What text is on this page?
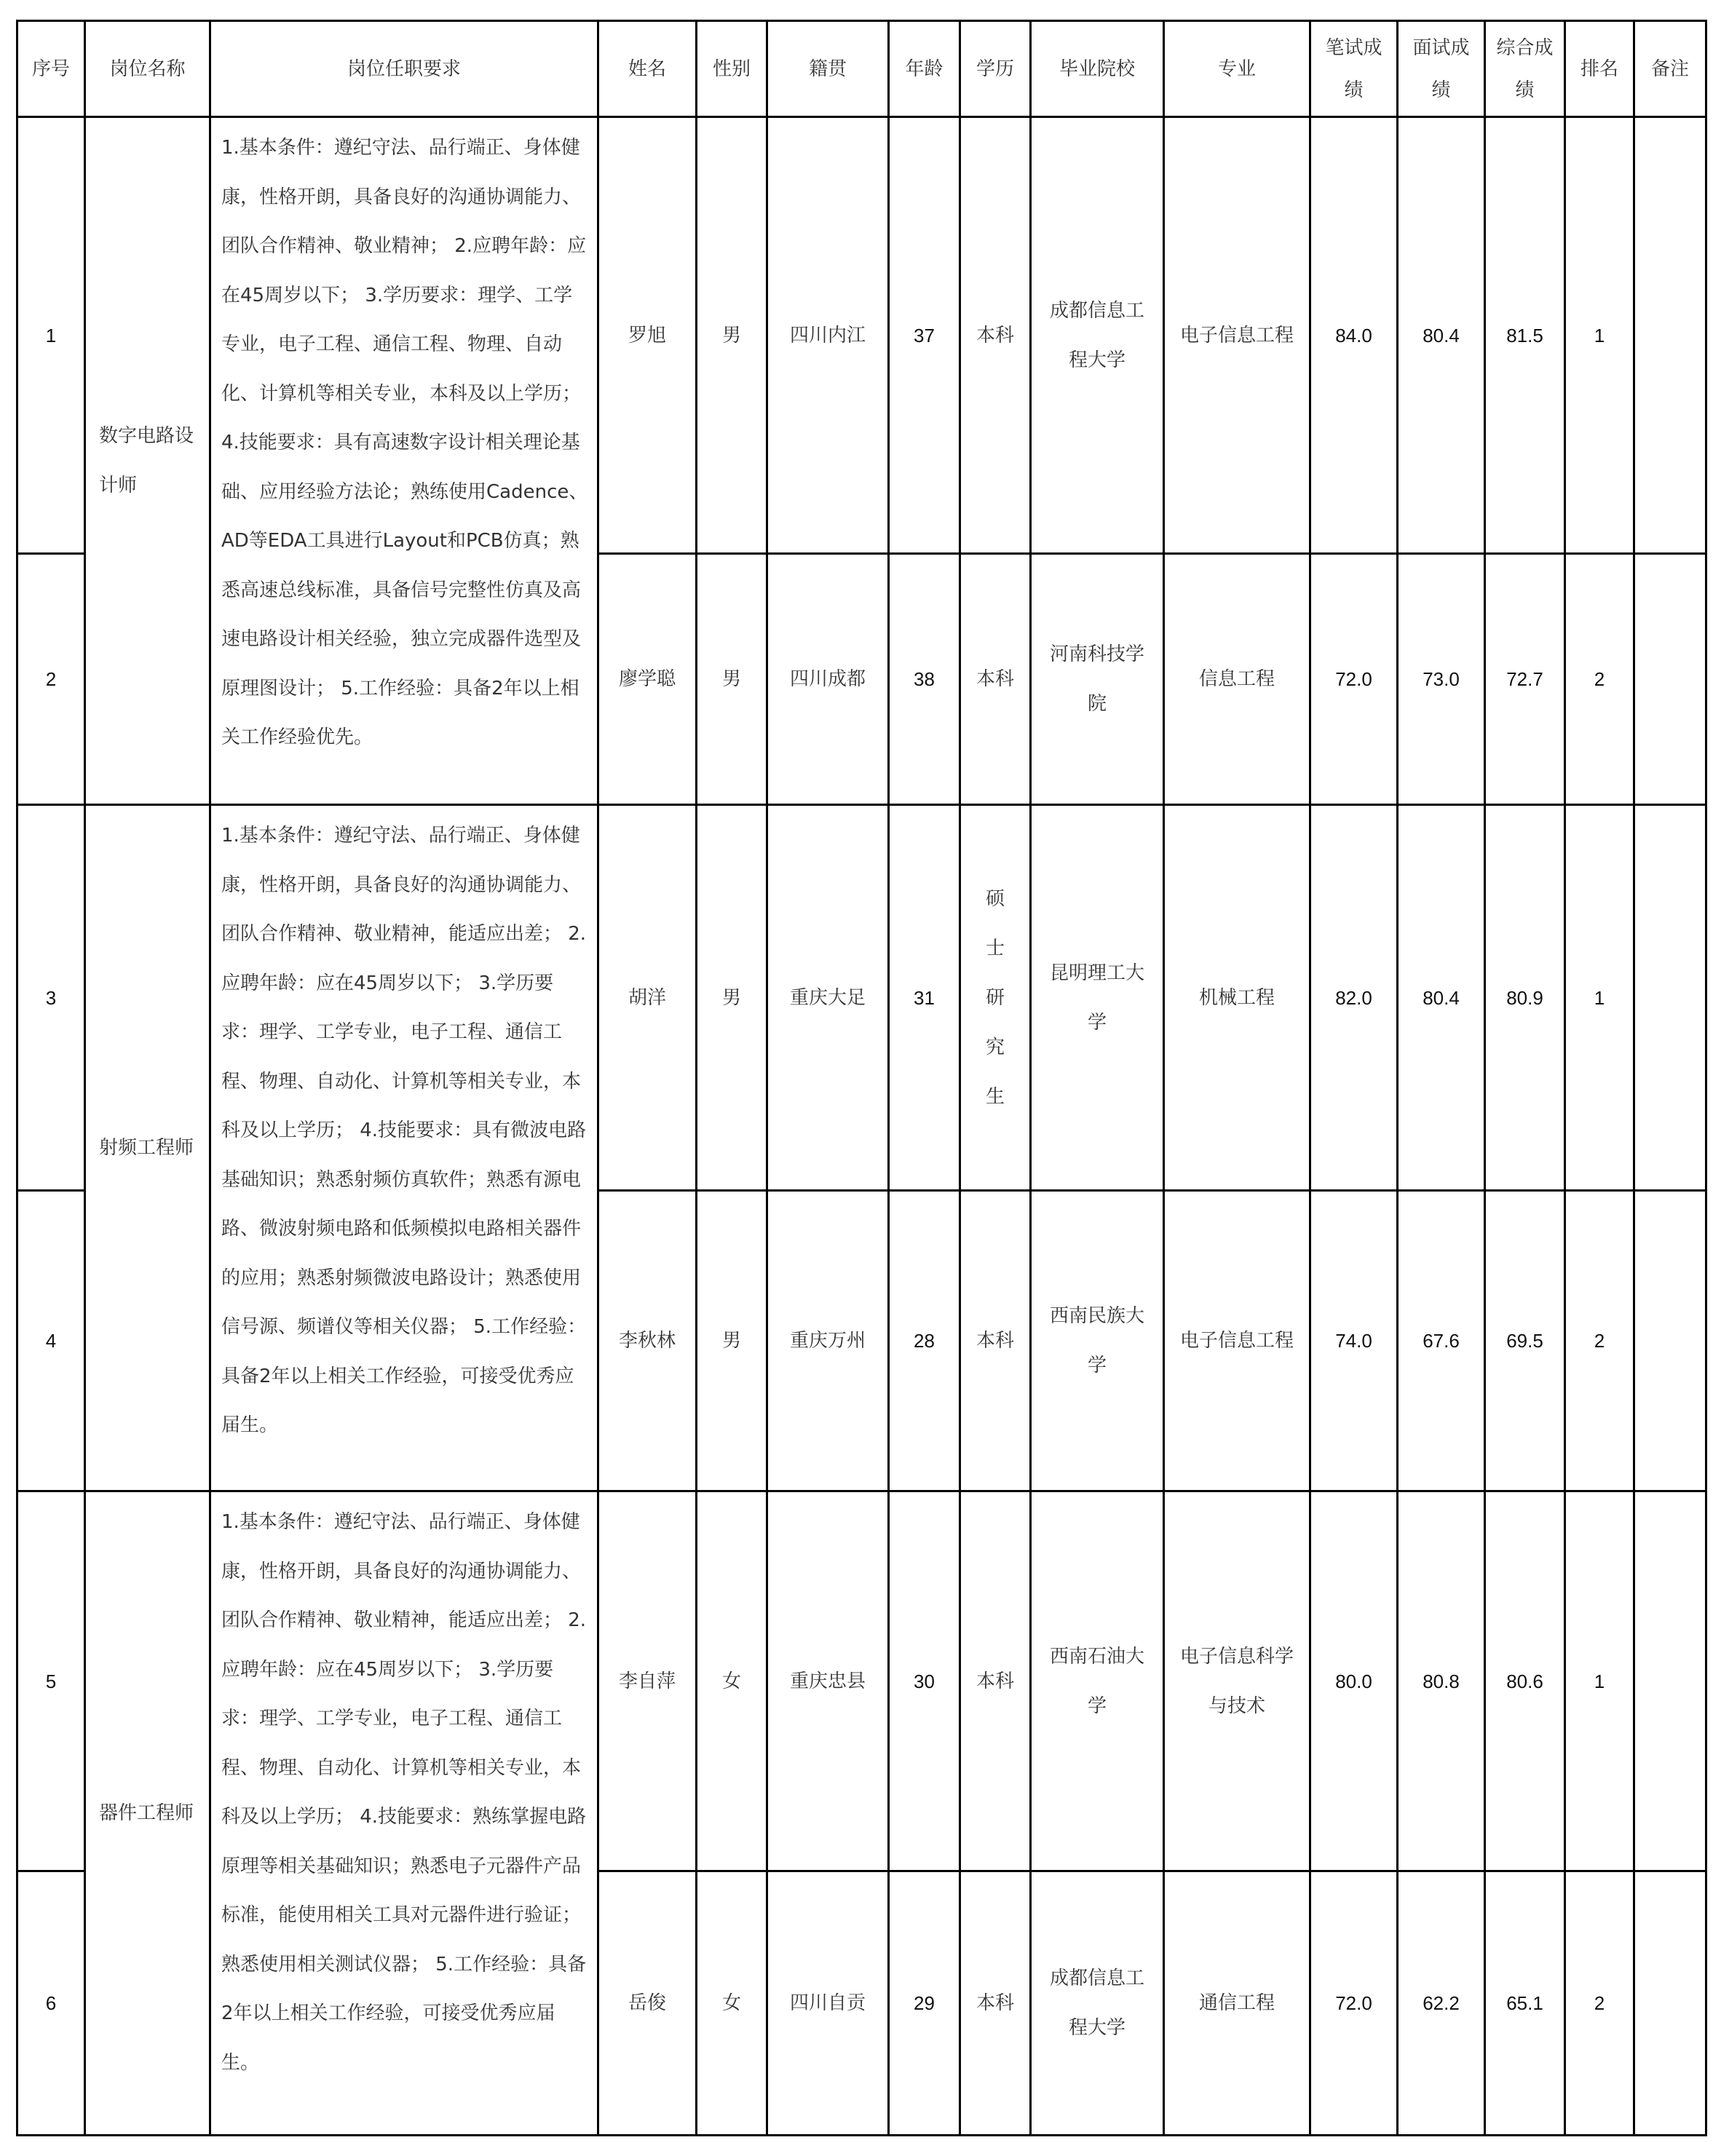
序号	岗位名称	岗位任职要求	姓名	性别	籍贯	年龄	学历	毕业院校	专业	笔试成绩	面试成绩	综合成绩	排名	备注
1	数字电路设计师	1.基本条件：遵纪守法、品行端正、身体健康，性格开朗，具备良好的沟通协调能力、团队合作精神、敬业精神； 2.应聘年龄：应在45周岁以下； 3.学历要求：理学、工学专业，电子工程、通信工程、物理、自动化、计算机等相关专业，本科及以上学历； 4.技能要求：具有高速数字设计相关理论基础、应用经验方法论；熟练使用Cadence、AD等EDA工具进行Layout和PCB仿真；熟悉高速总线标准，具备信号完整性仿真及高速电路设计相关经验，独立完成器件选型及原理图设计； 5.工作经验：具备2年以上相关工作经验优先。	罗旭	男	四川内江	37	本科	成都信息工程大学	电子信息工程	84.0	80.4	81.5	1	
2			廖学聪	男	四川成都	38	本科	河南科技学院	信息工程	72.0	73.0	72.7	2	
3	射频工程师	1.基本条件：遵纪守法、品行端正、身体健康，性格开朗，具备良好的沟通协调能力、团队合作精神、敬业精神，能适应出差； 2.应聘年龄：应在45周岁以下； 3.学历要求：理学、工学专业，电子工程、通信工程、物理、自动化、计算机等相关专业，本科及以上学历； 4.技能要求：具有微波电路基础知识；熟悉射频仿真软件；熟悉有源电路、微波射频电路和低频模拟电路相关器件的应用；熟悉射频微波电路设计；熟悉使用信号源、频谱仪等相关仪器； 5.工作经验：具备2年以上相关工作经验，可接受优秀应届生。	胡洋	男	重庆大足	31	硕士研究生	昆明理工大学	机械工程	82.0	80.4	80.9	1	
4			李秋林	男	重庆万州	28	本科	西南民族大学	电子信息工程	74.0	67.6	69.5	2	
5	器件工程师	1.基本条件：遵纪守法、品行端正、身体健康，性格开朗，具备良好的沟通协调能力、团队合作精神、敬业精神，能适应出差； 2.应聘年龄：应在45周岁以下； 3.学历要求：理学、工学专业，电子工程、通信工程、物理、自动化、计算机等相关专业，本科及以上学历； 4.技能要求：熟练掌握电路原理等相关基础知识；熟悉电子元器件产品标准，能使用相关工具对元器件进行验证；熟悉使用相关测试仪器； 5.工作经验：具备2年以上相关工作经验，可接受优秀应届生。	李自萍	女	重庆忠县	30	本科	西南石油大学	电子信息科学与技术	80.0	80.8	80.6	1	
6			岳俊	女	四川自贡	29	本科	成都信息工程大学	通信工程	72.0	62.2	65.1	2	
